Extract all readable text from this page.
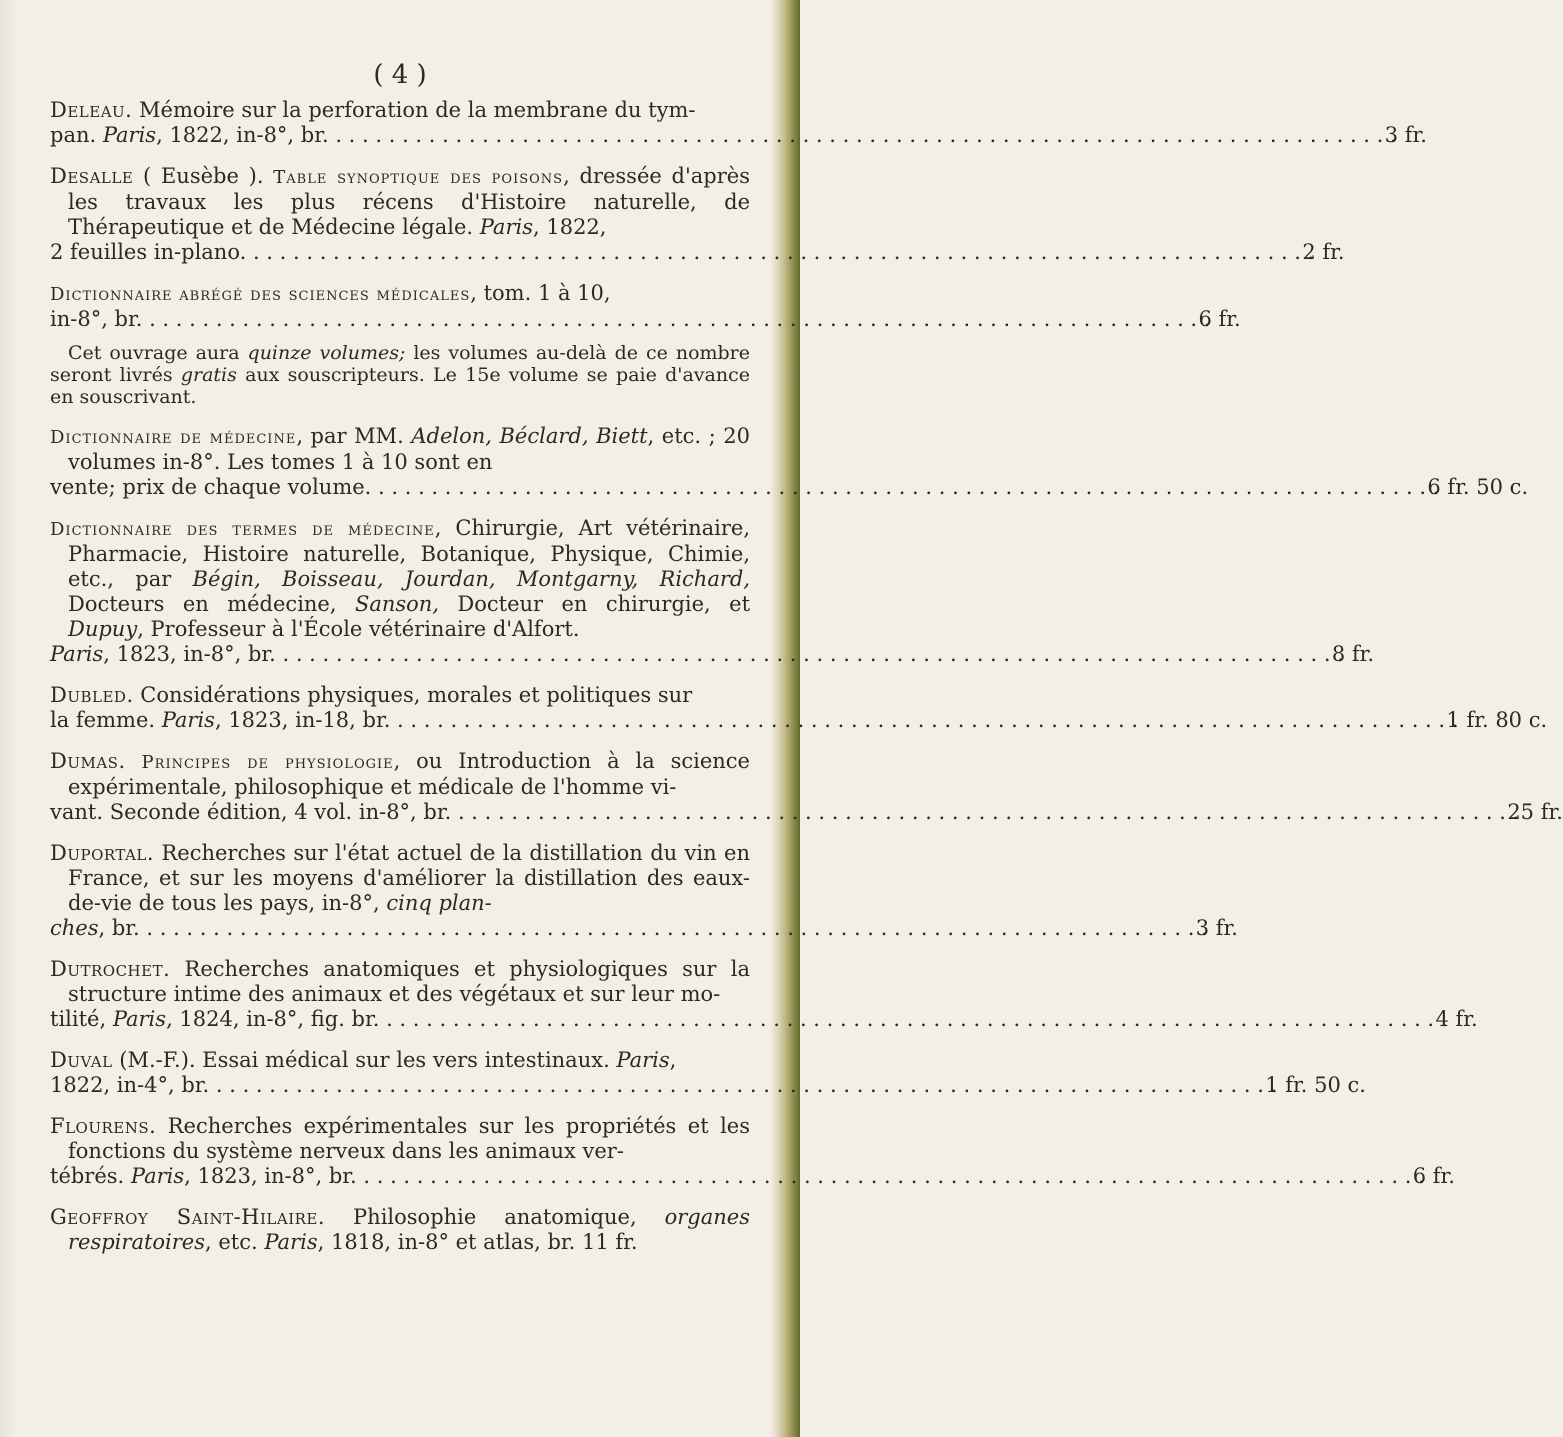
( 4 )

Deleau. Mémoire sur la perforation de la membrane du tym-
pan. Paris, 1822, in-8°, br. . . .	3 fr.

Desalle ( Eusèbe ). Table synoptique des poisons, dressée d'après les travaux les plus récens d'Histoire naturelle, de Thérapeutique et de Médecine légale. Paris, 1822,
2 feuilles in-plano. . . .	2 fr.

Dictionnaire abrégé des sciences médicales, tom. 1 à 10,
in-8°, br. . . .	6 fr.

Cet ouvrage aura quinze volumes; les volumes au-delà de ce nombre seront livrés gratis aux souscripteurs. Le 15e volume se paie d'avance en souscrivant.

Dictionnaire de médecine, par MM. Adelon, Béclard, Biett, etc. ; 20 volumes in-8°. Les tomes 1 à 10 sont en
vente; prix de chaque volume. . . .	6 fr. 50 c.

Dictionnaire des termes de médecine, Chirurgie, Art vétérinaire, Pharmacie, Histoire naturelle, Botanique, Physique, Chimie, etc., par Bégin, Boisseau, Jourdan, Montgarny, Richard, Docteurs en médecine, Sanson, Docteur en chirurgie, et Dupuy, Professeur à l'École vétérinaire d'Alfort.
Paris, 1823, in-8°, br. . . .	8 fr.

Dubled. Considérations physiques, morales et politiques sur
la femme. Paris, 1823, in-18, br. . . .	1 fr. 80 c.

Dumas. Principes de physiologie, ou Introduction à la science expérimentale, philosophique et médicale de l'homme vi-
vant. Seconde édition, 4 vol. in-8°, br. . . .	25 fr.

Duportal. Recherches sur l'état actuel de la distillation du vin en France, et sur les moyens d'améliorer la distillation des eaux-de-vie de tous les pays, in-8°, cinq plan-
ches, br. . . .	3 fr.

Dutrochet. Recherches anatomiques et physiologiques sur la structure intime des animaux et des végétaux et sur leur mo-
tilité, Paris, 1824, in-8°, fig. br. . . .	4 fr.

Duval (M.-F.). Essai médical sur les vers intestinaux. Paris,
1822, in-4°, br. . . .	1 fr. 50 c.

Flourens. Recherches expérimentales sur les propriétés et les fonctions du système nerveux dans les animaux ver-
tébrés. Paris, 1823, in-8°, br. . . .	6 fr.

Geoffroy Saint-Hilaire. Philosophie anatomique, organes respiratoires, etc. Paris, 1818, in-8° et atlas, br. 11 fr.
